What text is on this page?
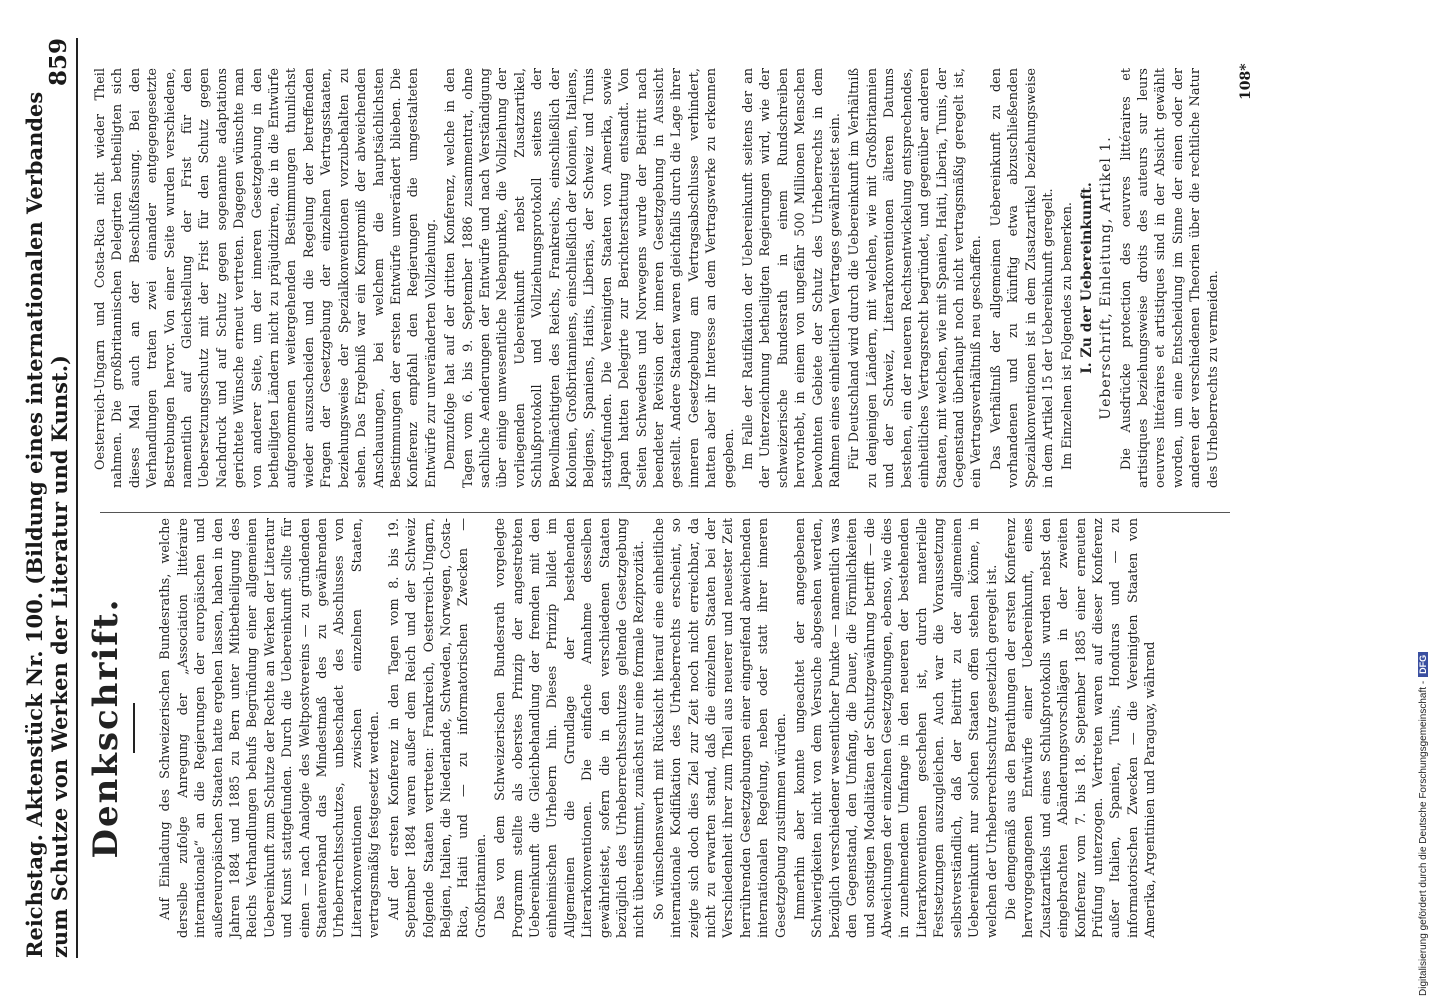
Reichstag. Aktenstück Nr. 100. (Bildung eines internationalen Verbandes zum Schutze von Werken der Literatur und Kunst.)
859
Denkschrift.	Auf Einladung des Schweizerischen Bundesraths, welche derselbe zufolge Anregung der „Association littéraire internationale“ an die Regierungen der europäischen und außereuropäischen Staaten hatte ergehen lassen, haben in den Jahren 1884 und 1885 zu Bern unter Mitbetheiligung des Reichs Verhandlungen behufs Begründung einer allgemeinen Uebereinkunft zum Schutze der Rechte an Werken der Literatur und Kunst stattgefunden. Durch die Uebereinkunft sollte für einen — nach Analogie des Weltpostvereins — zu gründenden Staatenverband das Mindestmaß des zu gewährenden Urheberrechtsschutzes, unbeschadet des Abschlusses von Literarkonventionen zwischen einzelnen Staaten, vertragsmäßig festgesetzt werden. Auf der ersten Konferenz in den Tagen vom 8. bis 19. September 1884 waren außer dem Reich und der Schweiz folgende Staaten vertreten: Frankreich, Oesterreich-Ungarn, Belgien, Italien, die Niederlande, Schweden, Norwegen, Costa-Rica, Haiti und — zu informatorischen Zwecken — Großbritannien. Das von dem Schweizerischen Bundesrath vorgelegte Programm stellte als oberstes Prinzip der angestrebten Uebereinkunft die Gleichbehandlung der fremden mit den einheimischen Urhebern hin. Dieses Prinzip bildet im Allgemeinen die Grundlage der bestehenden Literarkonventionen. Die einfache Annahme desselben gewährleistet, sofern die in den verschiedenen Staaten bezüglich des Urheberrechtsschutzes geltende Gesetzgebung nicht übereinstimmt, zunächst nur eine formale Reziprozität. So wünschenswerth mit Rücksicht hierauf eine einheitliche internationale Kodifikation des Urheberrechts erscheint, so zeigte sich doch dies Ziel zur Zeit noch nicht erreichbar, da nicht zu erwarten stand, daß die einzelnen Staaten bei der Verschiedenheit ihrer zum Theil aus neuerer und neuester Zeit herrührenden Gesetzgebungen einer eingreifend abweichenden internationalen Regelung, neben oder statt ihrer inneren Gesetzgebung zustimmen würden. Immerhin aber konnte ungeachtet der angegebenen Schwierigkeiten nicht von dem Versuche abgesehen werden, bezüglich verschiedener wesentlicher Punkte — namentlich was den Gegenstand, den Umfang, die Dauer, die Förmlichkeiten und sonstigen Modalitäten der Schutzgewährung betrifft — die Abweichungen der einzelnen Gesetzgebungen, ebenso, wie dies in zunehmendem Umfange in den neueren der bestehenden Literarkonventionen geschehen ist, durch materielle Festsetzungen auszugleichen. Auch war die Voraussetzung selbstverständlich, daß der Beitritt zu der allgemeinen Uebereinkunft nur solchen Staaten offen stehen könne, in welchen der Urheberrechtsschutz gesetzlich geregelt ist. Die demgemäß aus den Berathungen der ersten Konferenz hervorgegangenen Entwürfe einer Uebereinkunft, eines Zusatzartikels und eines Schlußprotokolls wurden nebst den eingebrachten Abänderungsvorschlägen in der zweiten Konferenz vom 7. bis 18. September 1885 einer erneuten Prüfung unterzogen. Vertreten waren auf dieser Konferenz außer Italien, Spanien, Tunis, Honduras und — zu informatorischen Zwecken — die Vereinigten Staaten von Amerika, Argentinien und Paraguay, während

Oesterreich-Ungarn und Costa-Rica nicht wieder Theil nahmen. Die großbritannischen Delegirten betheiligten sich dieses Mal auch an der Beschlußfassung. Bei den Verhandlungen traten zwei einander entgegengesetzte Bestrebungen hervor. Von einer Seite wurden verschiedene, namentlich auf Gleichstellung der Frist für den Uebersetzungsschutz mit der Frist für den Schutz gegen Nachdruck und auf Schutz gegen sogenannte adaptations gerichtete Wünsche erneut vertreten. Dagegen wünschte man von anderer Seite, um der inneren Gesetzgebung in den betheiligten Ländern nicht zu präjudiziren, die in die Entwürfe aufgenommenen weitergehenden Bestimmungen thunlichst wieder auszuscheiden und die Regelung der betreffenden Fragen der Gesetzgebung der einzelnen Vertragsstaaten, beziehungsweise der Spezialkonventionen vorzubehalten zu sehen. Das Ergebniß war ein Kompromiß der abweichenden Anschauungen, bei welchem die hauptsächlichsten Bestimmungen der ersten Entwürfe unverändert blieben. Die Konferenz empfahl den Regierungen die umgestalteten Entwürfe zur unveränderten Vollziehung. Demzufolge hat auf der dritten Konferenz, welche in den Tagen vom 6. bis 9. September 1886 zusammentrat, ohne sachliche Aenderungen der Entwürfe und nach Verständigung über einige unwesentliche Nebenpunkte, die Vollziehung der vorliegenden Uebereinkunft nebst Zusatzartikel, Schlußprotokoll und Vollziehungsprotokoll seitens der Bevollmächtigten des Reichs, Frankreichs, einschließlich der Kolonien, Großbritanniens, einschließlich der Kolonien, Italiens, Belgiens, Spaniens, Haitis, Liberias, der Schweiz und Tunis stattgefunden. Die Vereinigten Staaten von Amerika, sowie Japan hatten Delegirte zur Berichterstattung entsandt. Von Seiten Schwedens und Norwegens wurde der Beitritt nach beendeter Revision der inneren Gesetzgebung in Aussicht gestellt. Andere Staaten waren gleichfalls durch die Lage ihrer inneren Gesetzgebung am Vertragsabschlusse verhindert, hatten aber ihr Interesse an dem Vertragswerke zu erkennen gegeben. Im Falle der Ratifikation der Uebereinkunft seitens der an der Unterzeichnung betheiligten Regierungen wird, wie der schweizerische Bundesrath in einem Rundschreiben hervorhebt, in einem von ungefähr 500 Millionen Menschen bewohnten Gebiete der Schutz des Urheberrechts in dem Rahmen eines einheitlichen Vertrages gewährleistet sein. Für Deutschland wird durch die Uebereinkunft im Verhältniß zu denjenigen Ländern, mit welchen, wie mit Großbritannien und der Schweiz, Literarkonventionen älteren Datums bestehen, ein der neueren Rechtsentwickelung entsprechendes, einheitliches Vertragsrecht begründet, und gegenüber anderen Staaten, mit welchen, wie mit Spanien, Haiti, Liberia, Tunis, der Gegenstand überhaupt noch nicht vertragsmäßig geregelt ist, ein Vertragsverhältniß neu geschaffen. Das Verhältniß der allgemeinen Uebereinkunft zu den vorhandenen und zu künftig etwa abzuschließenden Spezialkonventionen ist in dem Zusatzartikel beziehungsweise in dem Artikel 15 der Uebereinkunft geregelt. Im Einzelnen ist Folgendes zu bemerken. I. Zu der Uebereinkunft. Ueberschrift, Einleitung, Artikel 1. Die Ausdrücke protection des oeuvres littéraires et artistiques beziehungsweise droits des auteurs sur leurs oeuvres littéraires et artistiques sind in der Absicht gewählt worden, um eine Entscheidung im Sinne der einen oder der anderen der verschiedenen Theorien über die rechtliche Natur des Urheberrechts zu vermeiden.

108*
Digitalisierung gefördert durch die Deutsche Forschungsgemeinschaft -DFG
